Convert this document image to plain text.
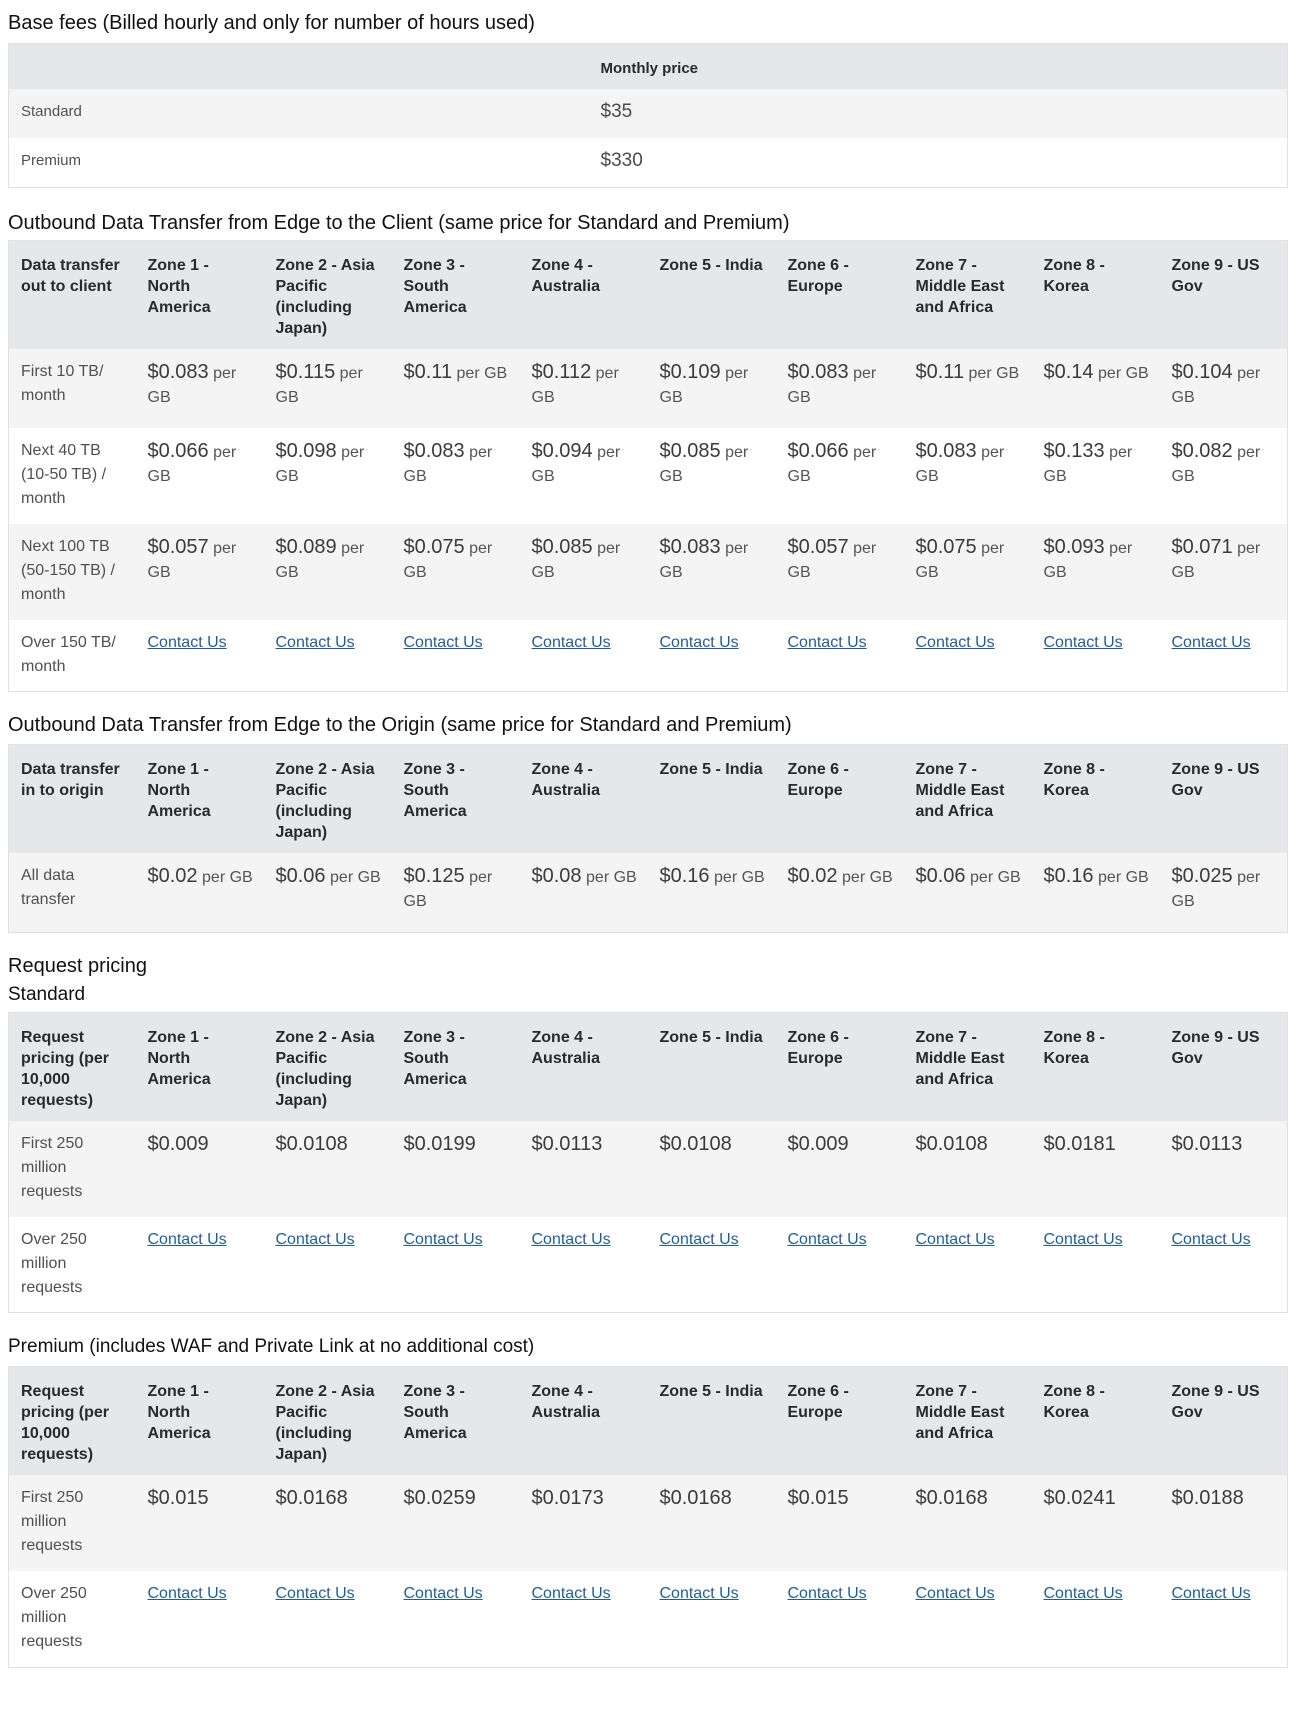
Base fees (Billed hourly and only for number of hours used)
	Monthly price
Standard	$35
Premium	$330
Outbound Data Transfer from Edge to the Client (same price for Standard and Premium)
Data transfer out to client	Zone 1 - North America	Zone 2 - Asia Pacific (including Japan)	Zone 3 - South America	Zone 4 - Australia	Zone 5 - India	Zone 6 - Europe	Zone 7 - Middle East and Africa	Zone 8 - Korea	Zone 9 - US Gov
First 10 TB/ month	$0.083 per GB	$0.115 per GB	$0.11 per GB	$0.112 per GB	$0.109 per GB	$0.083 per GB	$0.11 per GB	$0.14 per GB	$0.104 per GB
Next 40 TB (10-50 TB) / month	$0.066 per GB	$0.098 per GB	$0.083 per GB	$0.094 per GB	$0.085 per GB	$0.066 per GB	$0.083 per GB	$0.133 per GB	$0.082 per GB
Next 100 TB (50-150 TB) / month	$0.057 per GB	$0.089 per GB	$0.075 per GB	$0.085 per GB	$0.083 per GB	$0.057 per GB	$0.075 per GB	$0.093 per GB	$0.071 per GB
Over 150 TB/ month	Contact Us	Contact Us	Contact Us	Contact Us	Contact Us	Contact Us	Contact Us	Contact Us	Contact Us
Outbound Data Transfer from Edge to the Origin (same price for Standard and Premium)
Data transfer in to origin	Zone 1 - North America	Zone 2 - Asia Pacific (including Japan)	Zone 3 - South America	Zone 4 - Australia	Zone 5 - India	Zone 6 - Europe	Zone 7 - Middle East and Africa	Zone 8 - Korea	Zone 9 - US Gov
All data transfer	$0.02 per GB	$0.06 per GB	$0.125 per GB	$0.08 per GB	$0.16 per GB	$0.02 per GB	$0.06 per GB	$0.16 per GB	$0.025 per GB
Request pricing
Standard
Request pricing (per 10,000 requests)	Zone 1 - North America	Zone 2 - Asia Pacific (including Japan)	Zone 3 - South America	Zone 4 - Australia	Zone 5 - India	Zone 6 - Europe	Zone 7 - Middle East and Africa	Zone 8 - Korea	Zone 9 - US Gov
First 250 million requests	$0.009	$0.0108	$0.0199	$0.0113	$0.0108	$0.009	$0.0108	$0.0181	$0.0113
Over 250 million requests	Contact Us	Contact Us	Contact Us	Contact Us	Contact Us	Contact Us	Contact Us	Contact Us	Contact Us
Premium (includes WAF and Private Link at no additional cost)
Request pricing (per 10,000 requests)	Zone 1 - North America	Zone 2 - Asia Pacific (including Japan)	Zone 3 - South America	Zone 4 - Australia	Zone 5 - India	Zone 6 - Europe	Zone 7 - Middle East and Africa	Zone 8 - Korea	Zone 9 - US Gov
First 250 million requests	$0.015	$0.0168	$0.0259	$0.0173	$0.0168	$0.015	$0.0168	$0.0241	$0.0188
Over 250 million requests	Contact Us	Contact Us	Contact Us	Contact Us	Contact Us	Contact Us	Contact Us	Contact Us	Contact Us
